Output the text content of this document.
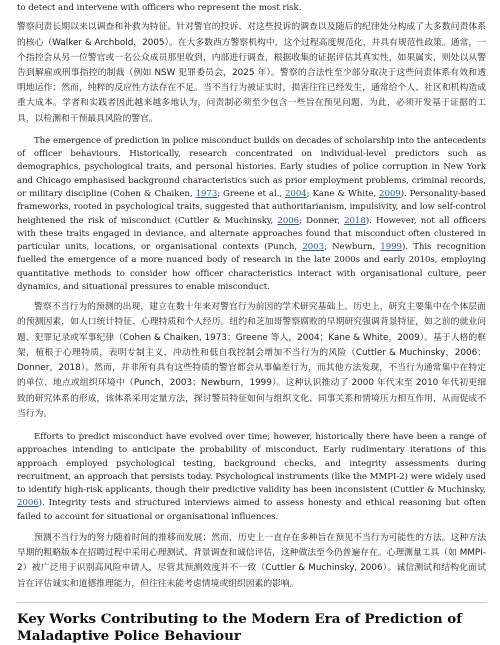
to detect and intervene with officers who represent the most risk.

警察问责长期以来以调查和补救为特征。针对警官的投诉、对这些投诉的调查以及随后的纪律处分构成了大多数问责体系的核心（Walker & Archbold，2005）。在大多数西方警察机构中，这个过程高度规范化，并具有规范性政策。通常，一个指控会从另一位警官或一名公众成员那里收到，内部进行调查，根据收集的证据评估其真实性，如果属实，则处以从警告到解雇或刑事指控的制裁（例如 NSW 犯罪委员会，2025 年）。警察的合法性至少部分取决于这些问责体系有效和透明地运作；然而，纯粹的反应性方法存在不足。当不当行为被证实时，损害往往已经发生，通常给个人、社区和机构造成重大成本。学者和实践者因此越来越多地认为，问责制必须至少包含一些旨在预见问题、为此，必须开发基于证据的工具，以检测和干预最具风险的警官。

The emergence of prediction in police misconduct builds on decades of scholarship into the antecedents of officer behaviours. Historically, research concentrated on individual-level predictors such as demographics, psychological traits, and personal histories. Early studies of police corruption in New York and Chicago emphasised background characteristics such as prior employment problems, criminal records, or military discipline (Cohen & Chaiken, 1973; Greene et al., 2004; Kane & White, 2009). Personality-based frameworks, rooted in psychological traits, suggested that authoritarianism, impulsivity, and low self-control heightened the risk of misconduct (Cuttler & Muchinsky, 2006; Donner, 2018). However, not all officers with these traits engaged in deviance, and alternate approaches found that misconduct often clustered in particular units, locations, or organisational contexts (Punch, 2003; Newburn, 1999). This recognition fuelled the emergence of a more nuanced body of research in the late 2000s and early 2010s, employing quantitative methods to consider how officer characteristics interact with organisational culture, peer dynamics, and situational pressures to enable misconduct.

警察不当行为的预测的出现，建立在数十年来对警官行为前因的学术研究基础上。历史上，研究主要集中在个体层面的预测因素，如人口统计特征、心理特质和个人经历。纽约和芝加哥警察腐败的早期研究强调背景特征，如之前的就业问题、犯罪记录或军事纪律（Cohen & Chaiken, 1973；Greene 等人，2004；Kane & White，2009）。基于人格的框架，植根于心理特质，表明专制主义、冲动性和低自我控制会增加不当行为的风险（Cuttler & Muchinsky，2006；Donner，2018）。然而，并非所有具有这些特质的警官都会从事偏差行为，而其他方法发现，不当行为通常集中在特定的单位、地点或组织环境中（Punch，2003；Newburn，1999）。这种认识推动了 2000 年代末至 2010 年代初更细致的研究体系的形成，该体系采用定量方法，探讨警员特征如何与组织文化、同事关系和情境压力相互作用，从而促成不当行为。

Efforts to predict misconduct have evolved over time; however, historically there have been a range of approaches intending to anticipate the probability of misconduct. Early rudimentary iterations of this approach employed psychological testing, background checks, and integrity assessments during recruitment, an approach that persists today. Psychological instruments (like the MMPI-2) were widely used to identify high-risk applicants, though their predictive validity has been inconsistent (Cuttler & Muchinsky, 2006). Integrity tests and structured interviews aimed to assess honesty and ethical reasoning but often failed to account for situational or organisational influences.

预测不当行为的努力随着时间的推移而发展；然而，历史上一直存在多种旨在预见不当行为可能性的方法。这种方法早期的粗略版本在招聘过程中采用心理测试、背景调查和诚信评估，这种做法至今仍普遍存在。心理测量工具（如 MMPI-2）被广泛用于识别高风险申请人，尽管其预测效度并不一致（Cuttler & Muchinsky, 2006）。诚信测试和结构化面试旨在评估诚实和道德推理能力，但往往未能考虑情境或组织因素的影响。

Key Works Contributing to the Modern Era of Prediction of Maladaptive Police Behaviour
